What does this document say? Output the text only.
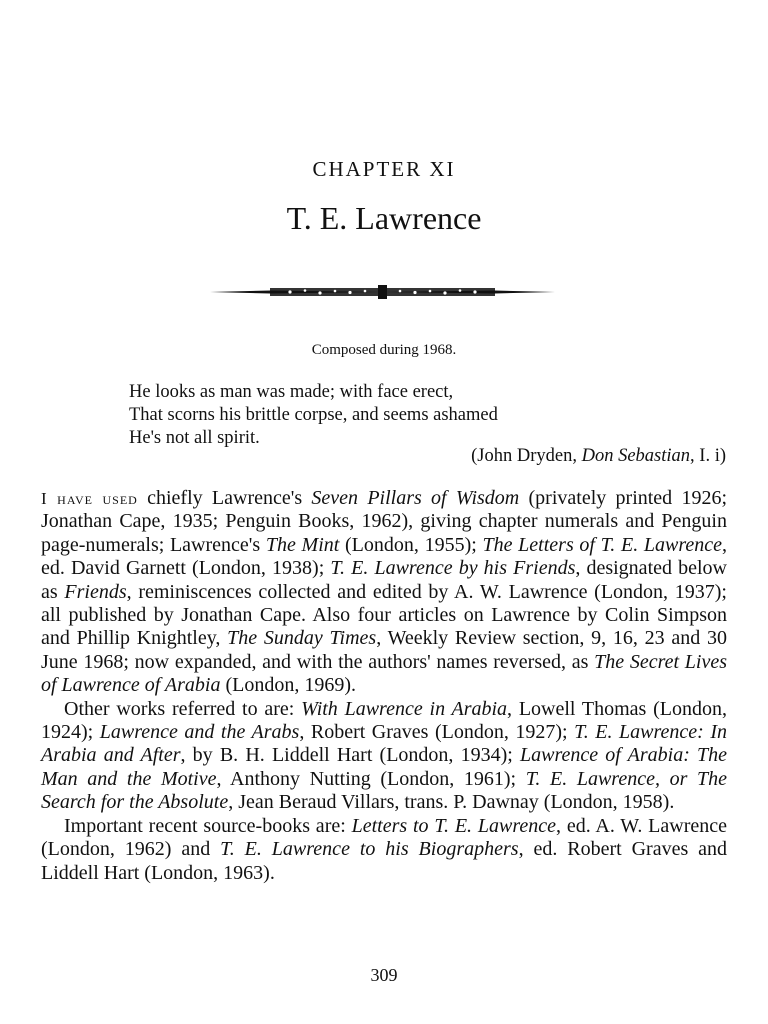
CHAPTER XI
T. E. Lawrence
Composed during 1968.
He looks as man was made; with face erect,
That scorns his brittle corpse, and seems ashamed
He's not all spirit.
(John Dryden, Don Sebastian, I. i)

I have used chiefly Lawrence's Seven Pillars of Wisdom (privately printed 1926; Jonathan Cape, 1935; Penguin Books, 1962), giving chapter numerals and Penguin page-numerals; Lawrence's The Mint (London, 1955); The Letters of T. E. Lawrence, ed. David Garnett (London, 1938); T. E. Lawrence by his Friends, designated below as Friends, reminiscences collected and edited by A. W. Lawrence (London, 1937); all published by Jonathan Cape. Also four articles on Lawrence by Colin Simpson and Phillip Knightley, The Sunday Times, Weekly Review section, 9, 16, 23 and 30 June 1968; now expanded, and with the authors' names reversed, as The Secret Lives of Lawrence of Arabia (London, 1969).

Other works referred to are: With Lawrence in Arabia, Lowell Thomas (London, 1924); Lawrence and the Arabs, Robert Graves (London, 1927); T. E. Lawrence: In Arabia and After, by B. H. Liddell Hart (London, 1934); Lawrence of Arabia: The Man and the Motive, Anthony Nutting (London, 1961); T. E. Lawrence, or The Search for the Absolute, Jean Beraud Villars, trans. P. Dawnay (London, 1958).

Important recent source-books are: Letters to T. E. Lawrence, ed. A. W. Lawrence (London, 1962) and T. E. Lawrence to his Biographers, ed. Robert Graves and Liddell Hart (London, 1963).

309
